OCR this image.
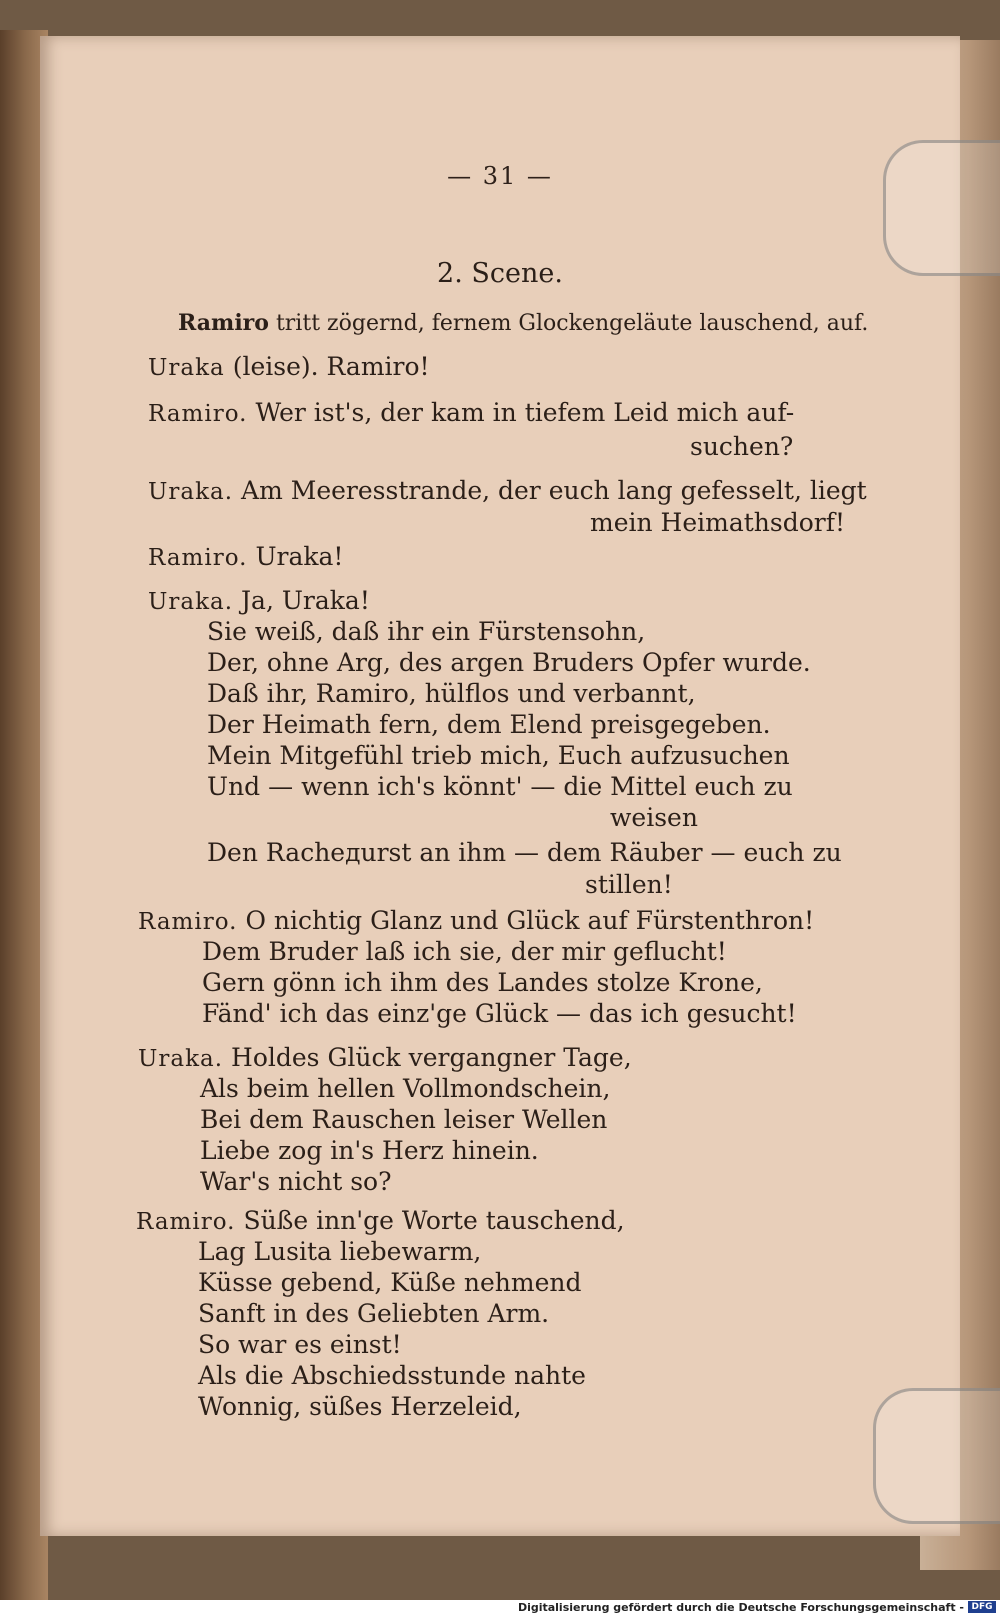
— 31 —
2. Scene.
Ramiro tritt zögernd, fernem Glockengeläute lauschend, auf.
Uraka (leise). Ramiro!
Ramiro. Wer ist's, der kam in tiefem Leid mich auf-
suchen?
Uraka. Am Meeresstrande, der euch lang gefesselt, liegt
mein Heimathsdorf!
Ramiro. Uraka!
Uraka. Ja, Uraka!
Sie weiß, daß ihr ein Fürstensohn,
Der, ohne Arg, des argen Bruders Opfer wurde.
Daß ihr, Ramiro, hülflos und verbannt,
Der Heimath fern, dem Elend preisgegeben.
Mein Mitgefühl trieb mich, Euch aufzusuchen
Und — wenn ich's könnt' — die Mittel euch zu
weisen
Den Racheдurst an ihm — dem Räuber — euch zu
stillen!
Ramiro. O nichtig Glanz und Glück auf Fürstenthron!
Dem Bruder laß ich sie, der mir geflucht!
Gern gönn ich ihm des Landes stolze Krone,
Fänd' ich das einz'ge Glück — das ich gesucht!
Uraka. Holdes Glück vergangner Tage,
Als beim hellen Vollmondschein,
Bei dem Rauschen leiser Wellen
Liebe zog in's Herz hinein.
War's nicht so?
Ramiro. Süße inn'ge Worte tauschend,
Lag Lusita liebewarm,
Küsse gebend, Küße nehmend
Sanft in des Geliebten Arm.
So war es einst!
Als die Abschiedsstunde nahte
Wonnig, süßes Herzeleid,
Digitalisierung gefördert durch die Deutsche Forschungsgemeinschaft - DFG
